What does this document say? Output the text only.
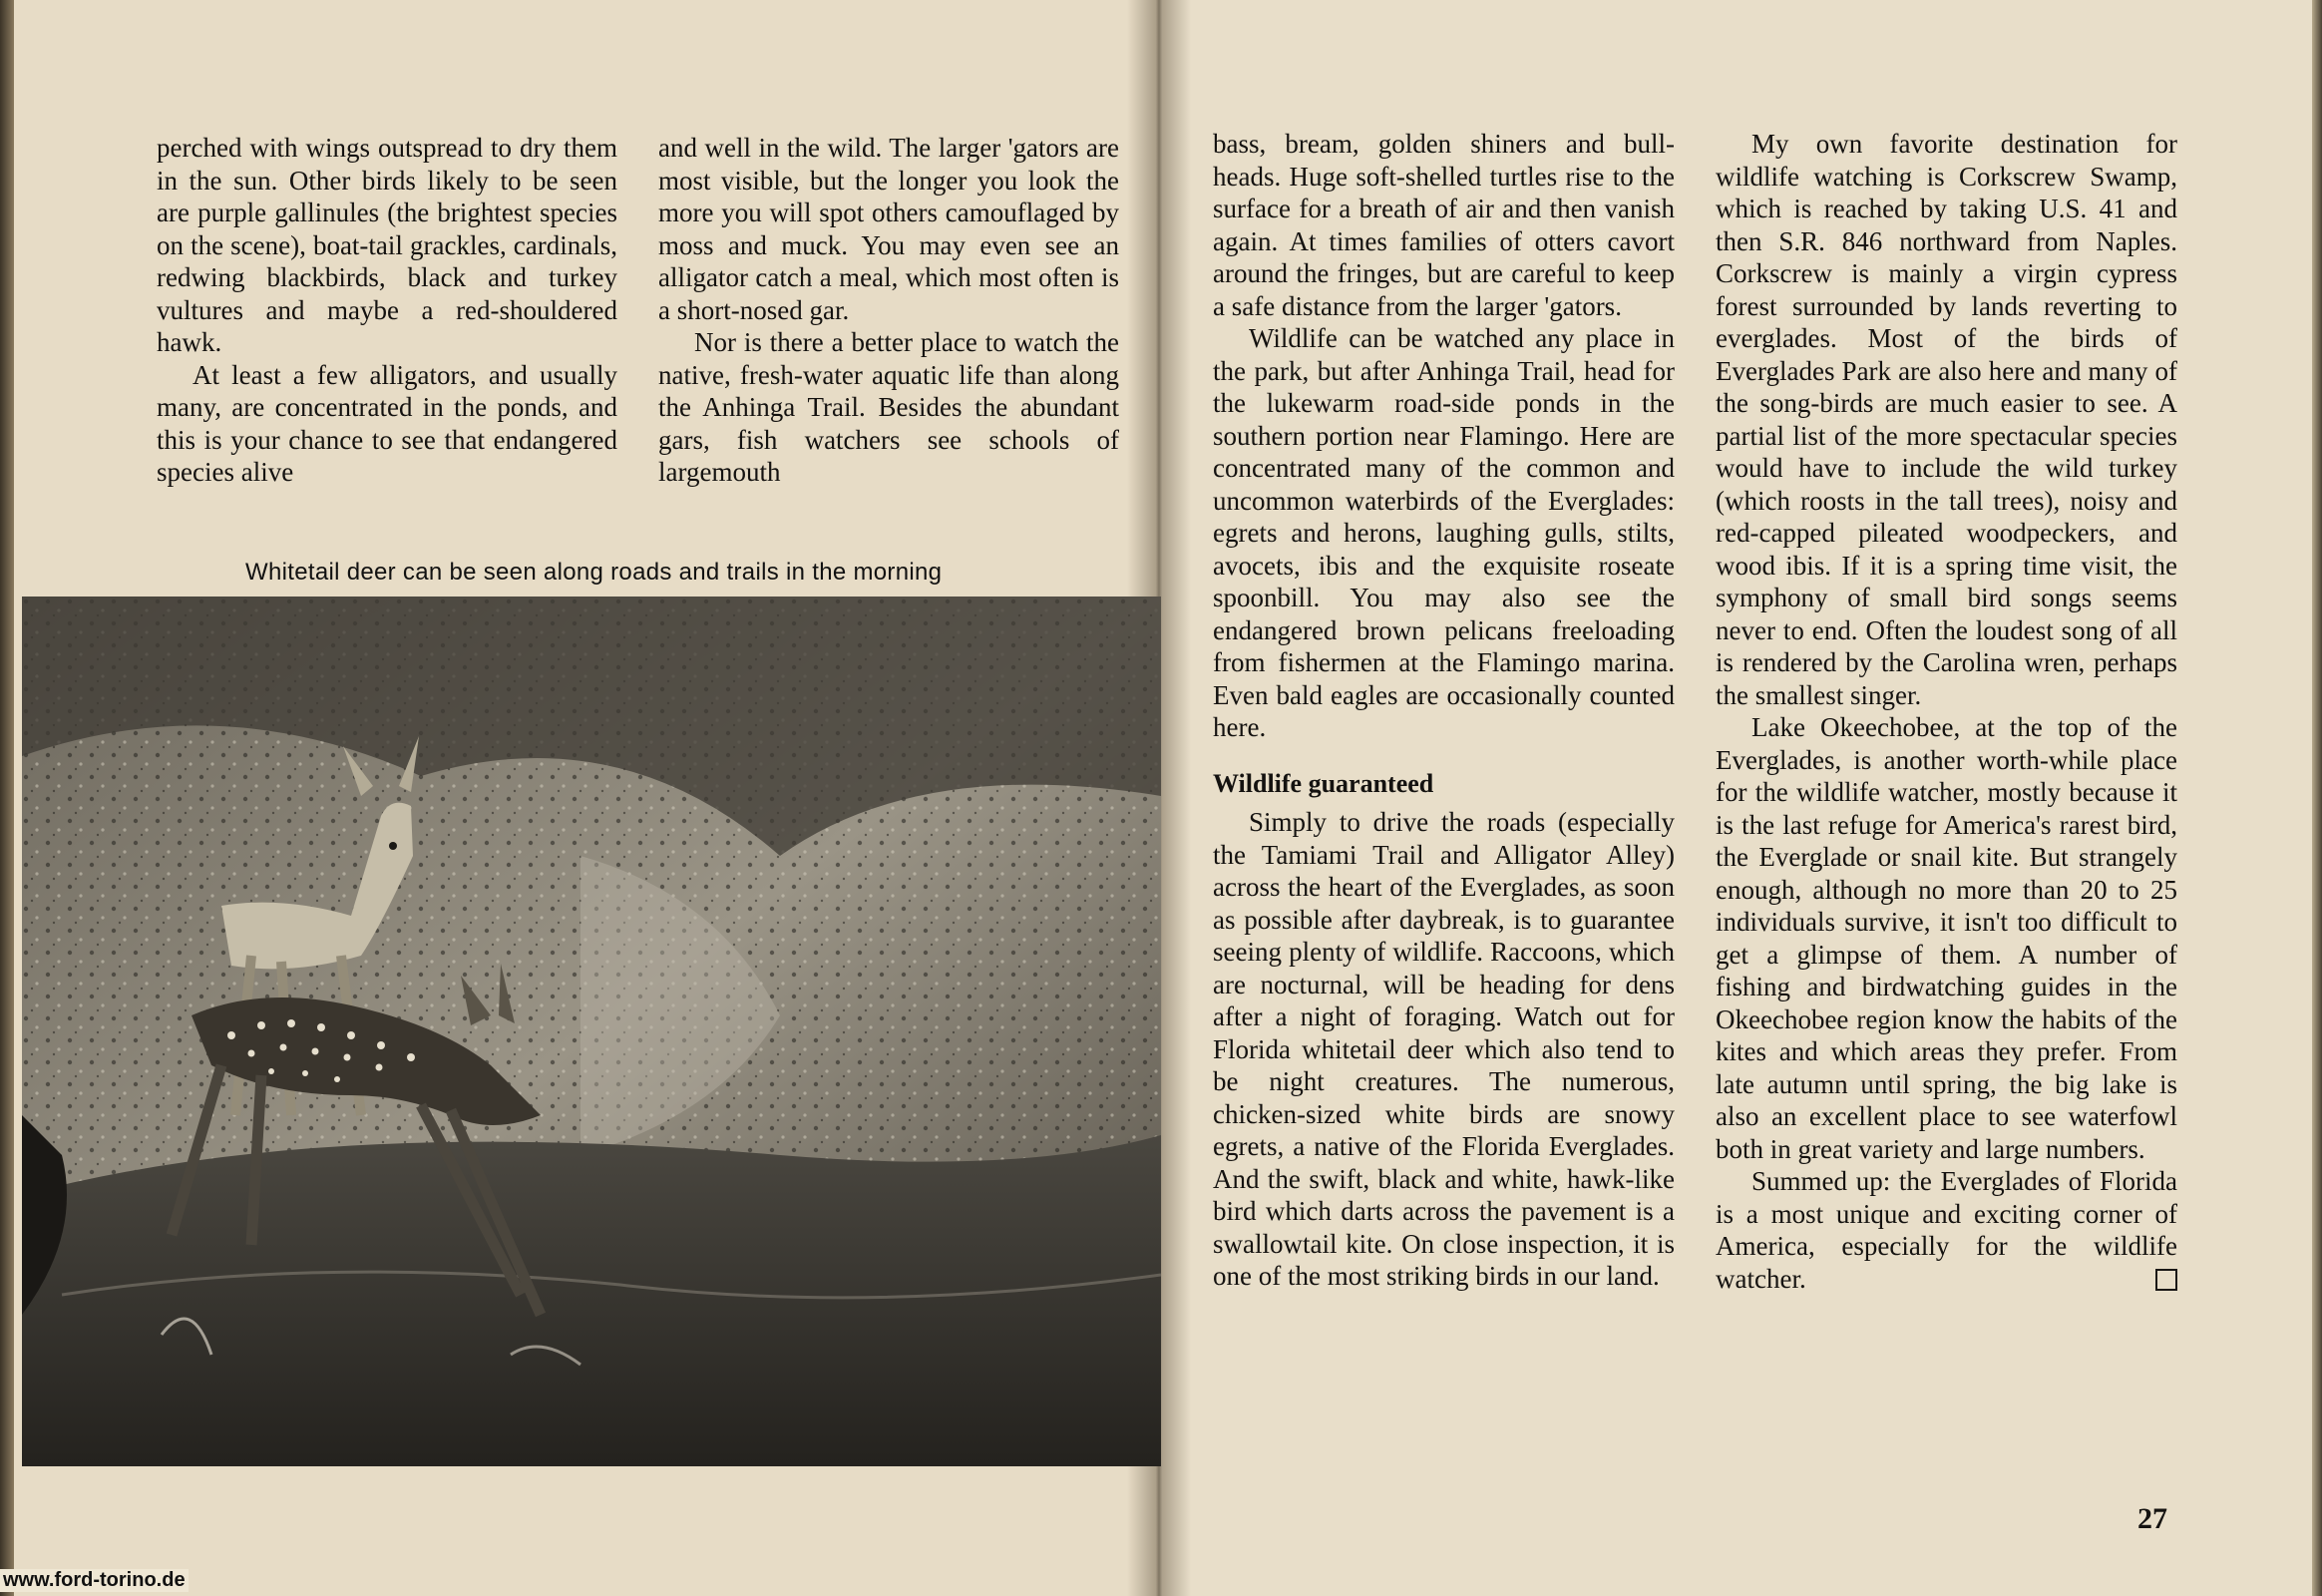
perched with wings outspread to dry them in the sun. Other birds likely to be seen are purple gallinules (the brightest species on the scene), boat-tail grackles, cardinals, redwing blackbirds, black and turkey vultures and maybe a red-shouldered hawk.

At least a few alligators, and usually many, are concentrated in the ponds, and this is your chance to see that endangered species alive

and well in the wild. The larger 'gators are most visible, but the longer you look the more you will spot others camouflaged by moss and muck. You may even see an alligator catch a meal, which most often is a short-nosed gar.

Nor is there a better place to watch the native, fresh-water aquatic life than along the Anhinga Trail. Besides the abundant gars, fish watchers see schools of largemouth

Whitetail deer can be seen along roads and trails in the morning

bass, bream, golden shiners and bull-heads. Huge soft-shelled turtles rise to the surface for a breath of air and then vanish again. At times families of otters cavort around the fringes, but are careful to keep a safe distance from the larger 'gators.

Wildlife can be watched any place in the park, but after Anhinga Trail, head for the lukewarm road-side ponds in the southern portion near Flamingo. Here are concentrated many of the common and uncommon waterbirds of the Everglades: egrets and herons, laughing gulls, stilts, avocets, ibis and the exquisite roseate spoonbill. You may also see the endangered brown pelicans freeloading from fishermen at the Flamingo marina. Even bald eagles are occasionally counted here.

Wildlife guaranteed

Simply to drive the roads (especially the Tamiami Trail and Alligator Alley) across the heart of the Everglades, as soon as possible after daybreak, is to guarantee seeing plenty of wildlife. Raccoons, which are nocturnal, will be heading for dens after a night of foraging. Watch out for Florida whitetail deer which also tend to be night creatures. The numerous, chicken-sized white birds are snowy egrets, a native of the Florida Everglades. And the swift, black and white, hawk-like bird which darts across the pavement is a swallowtail kite. On close inspection, it is one of the most striking birds in our land.

My own favorite destination for wildlife watching is Corkscrew Swamp, which is reached by taking U.S. 41 and then S.R. 846 northward from Naples. Corkscrew is mainly a virgin cypress forest surrounded by lands reverting to everglades. Most of the birds of Everglades Park are also here and many of the song-birds are much easier to see. A partial list of the more spectacular species would have to include the wild turkey (which roosts in the tall trees), noisy and red-capped pileated woodpeckers, and wood ibis. If it is a spring time visit, the symphony of small bird songs seems never to end. Often the loudest song of all is rendered by the Carolina wren, perhaps the smallest singer.

Lake Okeechobee, at the top of the Everglades, is another worth-while place for the wildlife watcher, mostly because it is the last refuge for America's rarest bird, the Everglade or snail kite. But strangely enough, although no more than 20 to 25 individuals survive, it isn't too difficult to get a glimpse of them. A number of fishing and birdwatching guides in the Okeechobee region know the habits of the kites and which areas they prefer. From late autumn until spring, the big lake is also an excellent place to see waterfowl both in great variety and large numbers.

Summed up: the Everglades of Florida is a most unique and exciting corner of America, especially for the wildlife watcher.

27
www.ford-torino.de
